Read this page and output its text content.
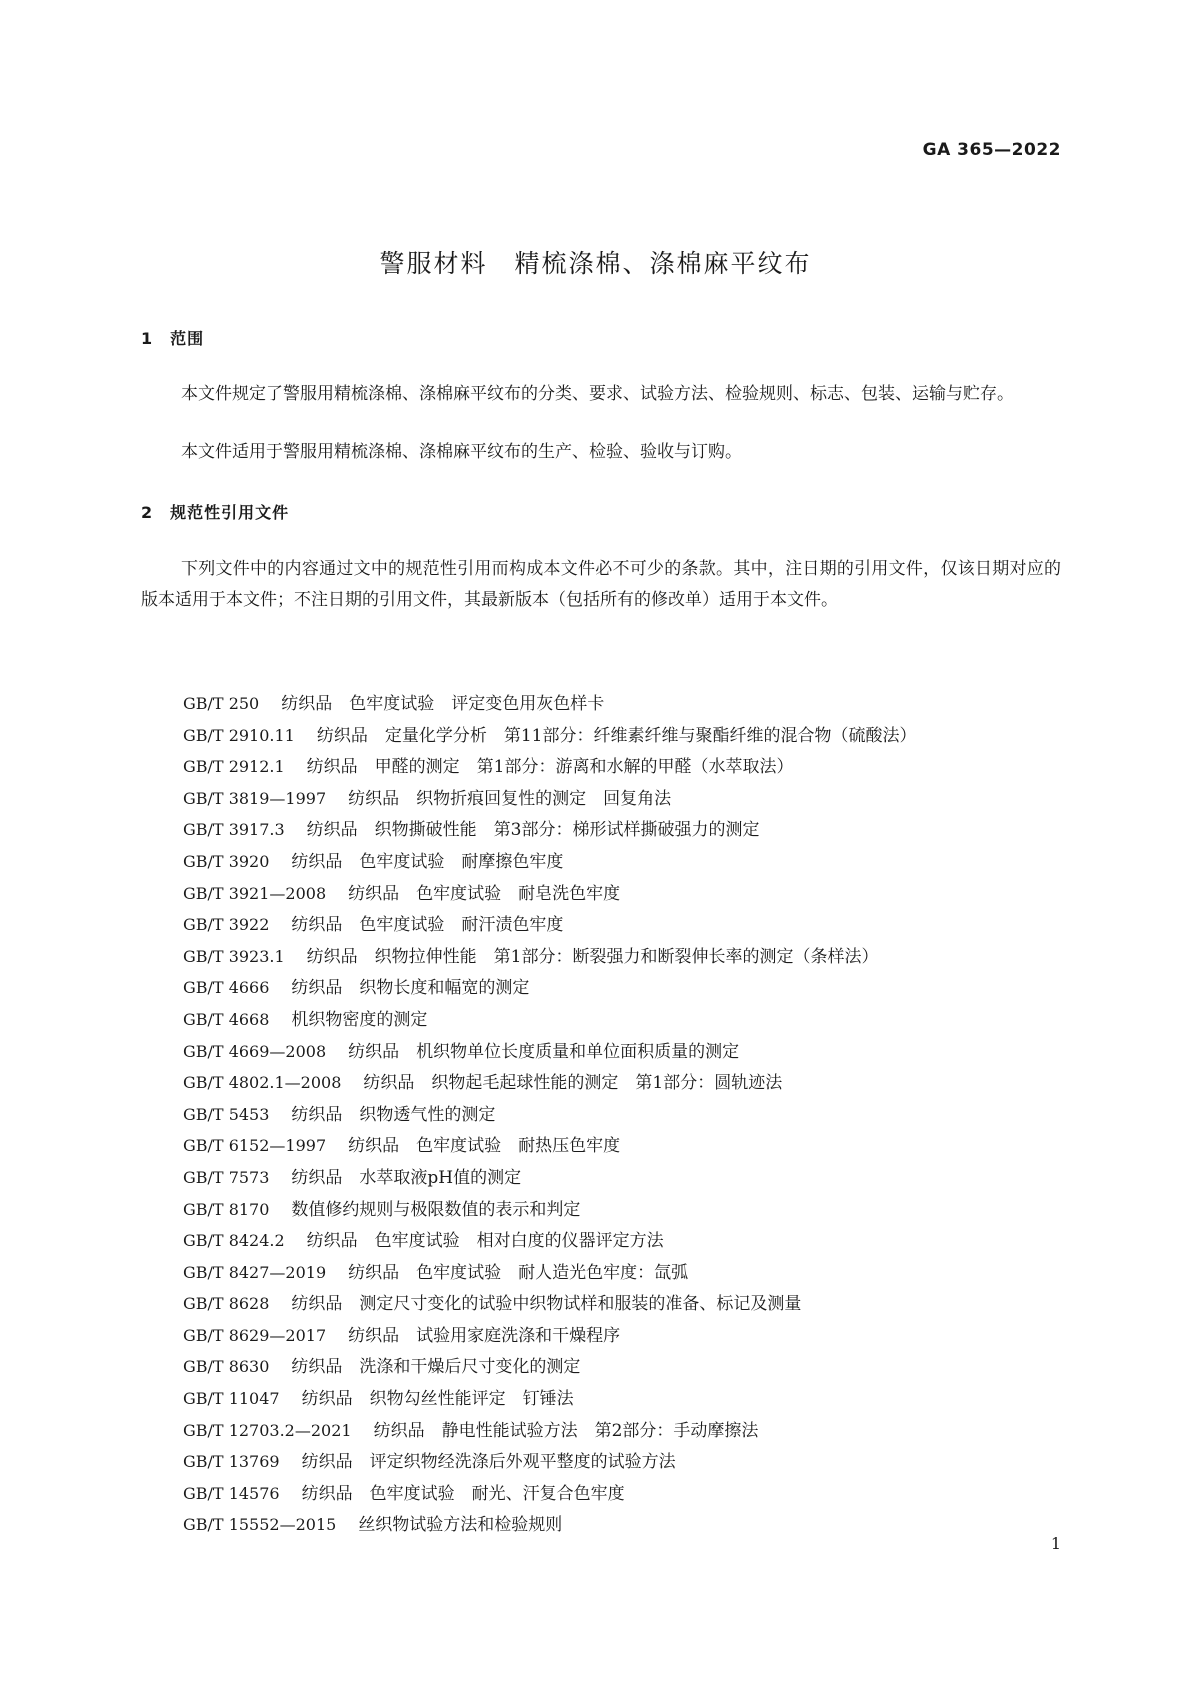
GA 365—2022
警服材料　精梳涤棉、涤棉麻平纹布
1　范围
本文件规定了警服用精梳涤棉、涤棉麻平纹布的分类、要求、试验方法、检验规则、标志、包装、运输与贮存。
本文件适用于警服用精梳涤棉、涤棉麻平纹布的生产、检验、验收与订购。
2　规范性引用文件
下列文件中的内容通过文中的规范性引用而构成本文件必不可少的条款。其中，注日期的引用文件，仅该日期对应的版本适用于本文件；不注日期的引用文件，其最新版本（包括所有的修改单）适用于本文件。
GB/T 250 纺织品　色牢度试验　评定变色用灰色样卡
GB/T 2910.11 纺织品　定量化学分析　第11部分：纤维素纤维与聚酯纤维的混合物（硫酸法）
GB/T 2912.1 纺织品　甲醛的测定　第1部分：游离和水解的甲醛（水萃取法）
GB/T 3819—1997 纺织品　织物折痕回复性的测定　回复角法
GB/T 3917.3 纺织品　织物撕破性能　第3部分：梯形试样撕破强力的测定
GB/T 3920 纺织品　色牢度试验　耐摩擦色牢度
GB/T 3921—2008 纺织品　色牢度试验　耐皂洗色牢度
GB/T 3922 纺织品　色牢度试验　耐汗渍色牢度
GB/T 3923.1 纺织品　织物拉伸性能　第1部分：断裂强力和断裂伸长率的测定（条样法）
GB/T 4666 纺织品　织物长度和幅宽的测定
GB/T 4668 机织物密度的测定
GB/T 4669—2008 纺织品　机织物单位长度质量和单位面积质量的测定
GB/T 4802.1—2008 纺织品　织物起毛起球性能的测定　第1部分：圆轨迹法
GB/T 5453 纺织品　织物透气性的测定
GB/T 6152—1997 纺织品　色牢度试验　耐热压色牢度
GB/T 7573 纺织品　水萃取液pH值的测定
GB/T 8170 数值修约规则与极限数值的表示和判定
GB/T 8424.2 纺织品　色牢度试验　相对白度的仪器评定方法
GB/T 8427—2019 纺织品　色牢度试验　耐人造光色牢度：氙弧
GB/T 8628 纺织品　测定尺寸变化的试验中织物试样和服装的准备、标记及测量
GB/T 8629—2017 纺织品　试验用家庭洗涤和干燥程序
GB/T 8630 纺织品　洗涤和干燥后尺寸变化的测定
GB/T 11047 纺织品　织物勾丝性能评定　钉锤法
GB/T 12703.2—2021 纺织品　静电性能试验方法　第2部分：手动摩擦法
GB/T 13769 纺织品　评定织物经洗涤后外观平整度的试验方法
GB/T 14576 纺织品　色牢度试验　耐光、汗复合色牢度
GB/T 15552—2015 丝织物试验方法和检验规则
1
